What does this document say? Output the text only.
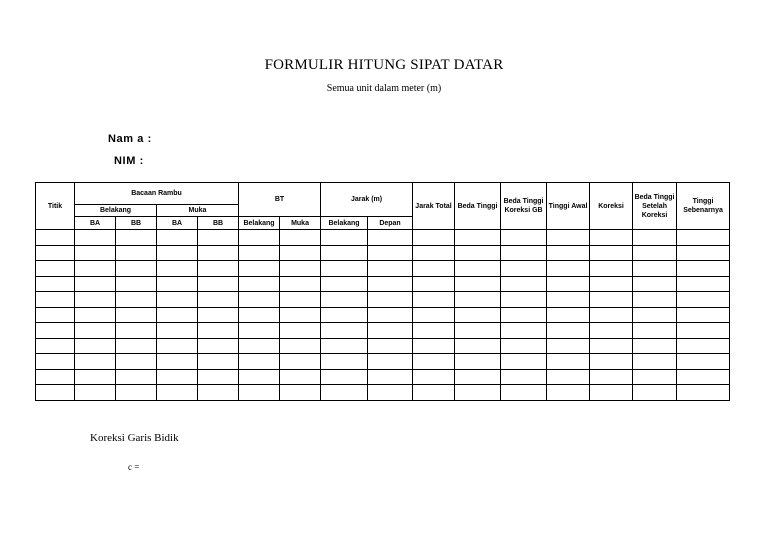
FORMULIR HITUNG SIPAT DATAR
Semua unit dalam meter (m)
Nam a :
NIM :
Titik	Bacaan Rambu				BT		Jarak (m)		Jarak Total	Beda Tinggi	Beda Tinggi Koreksi GB	Tinggi Awal	Koreksi	Beda Tinggi Setelah Koreksi	Tinggi Sebenarnya
	Belakang		Muka												
	BA	BB	BA	BB	Belakang	Muka	Belakang	Depan							

Koreksi Garis Bidik
c =
